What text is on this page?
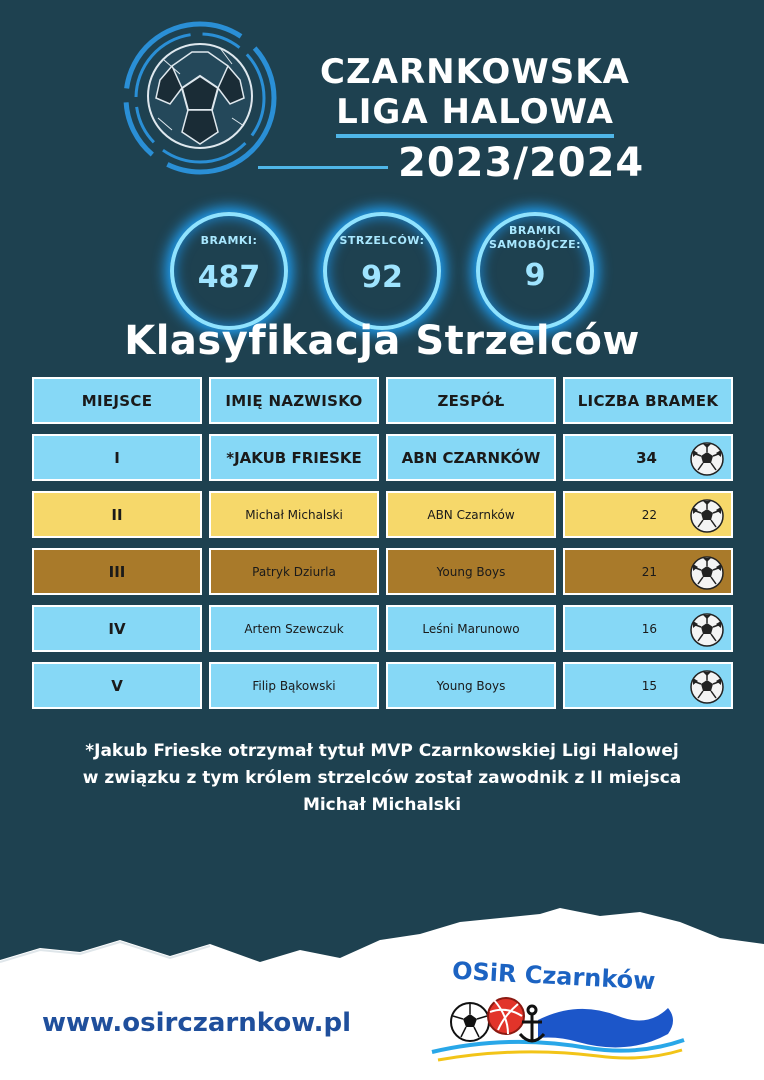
CZARNKOWSKA
LIGA HALOWA
2023/2024
BRAMKI:
487
STRZELCÓW:
92
BRAMKI
SAMOBÓJCZE:
9
Klasyfikacja Strzelców
MIEJSCE	IMIĘ NAZWISKO	ZESPÓŁ	LICZBA BRAMEK
I	*JAKUB FRIESKE	ABN CZARNKÓW	34
II	Michał Michalski	ABN Czarnków	22
III	Patryk Dziurla	Young Boys	21
IV	Artem Szewczuk	Leśni Marunowo	16
V	Filip Bąkowski	Young Boys	15
*Jakub Frieske otrzymał tytuł MVP Czarnkowskiej Ligi Halowej
w związku z tym królem strzelców został zawodnik z II miejsca
Michał Michalski
www.osirczarnkow.pl
OSiR Czarnków
